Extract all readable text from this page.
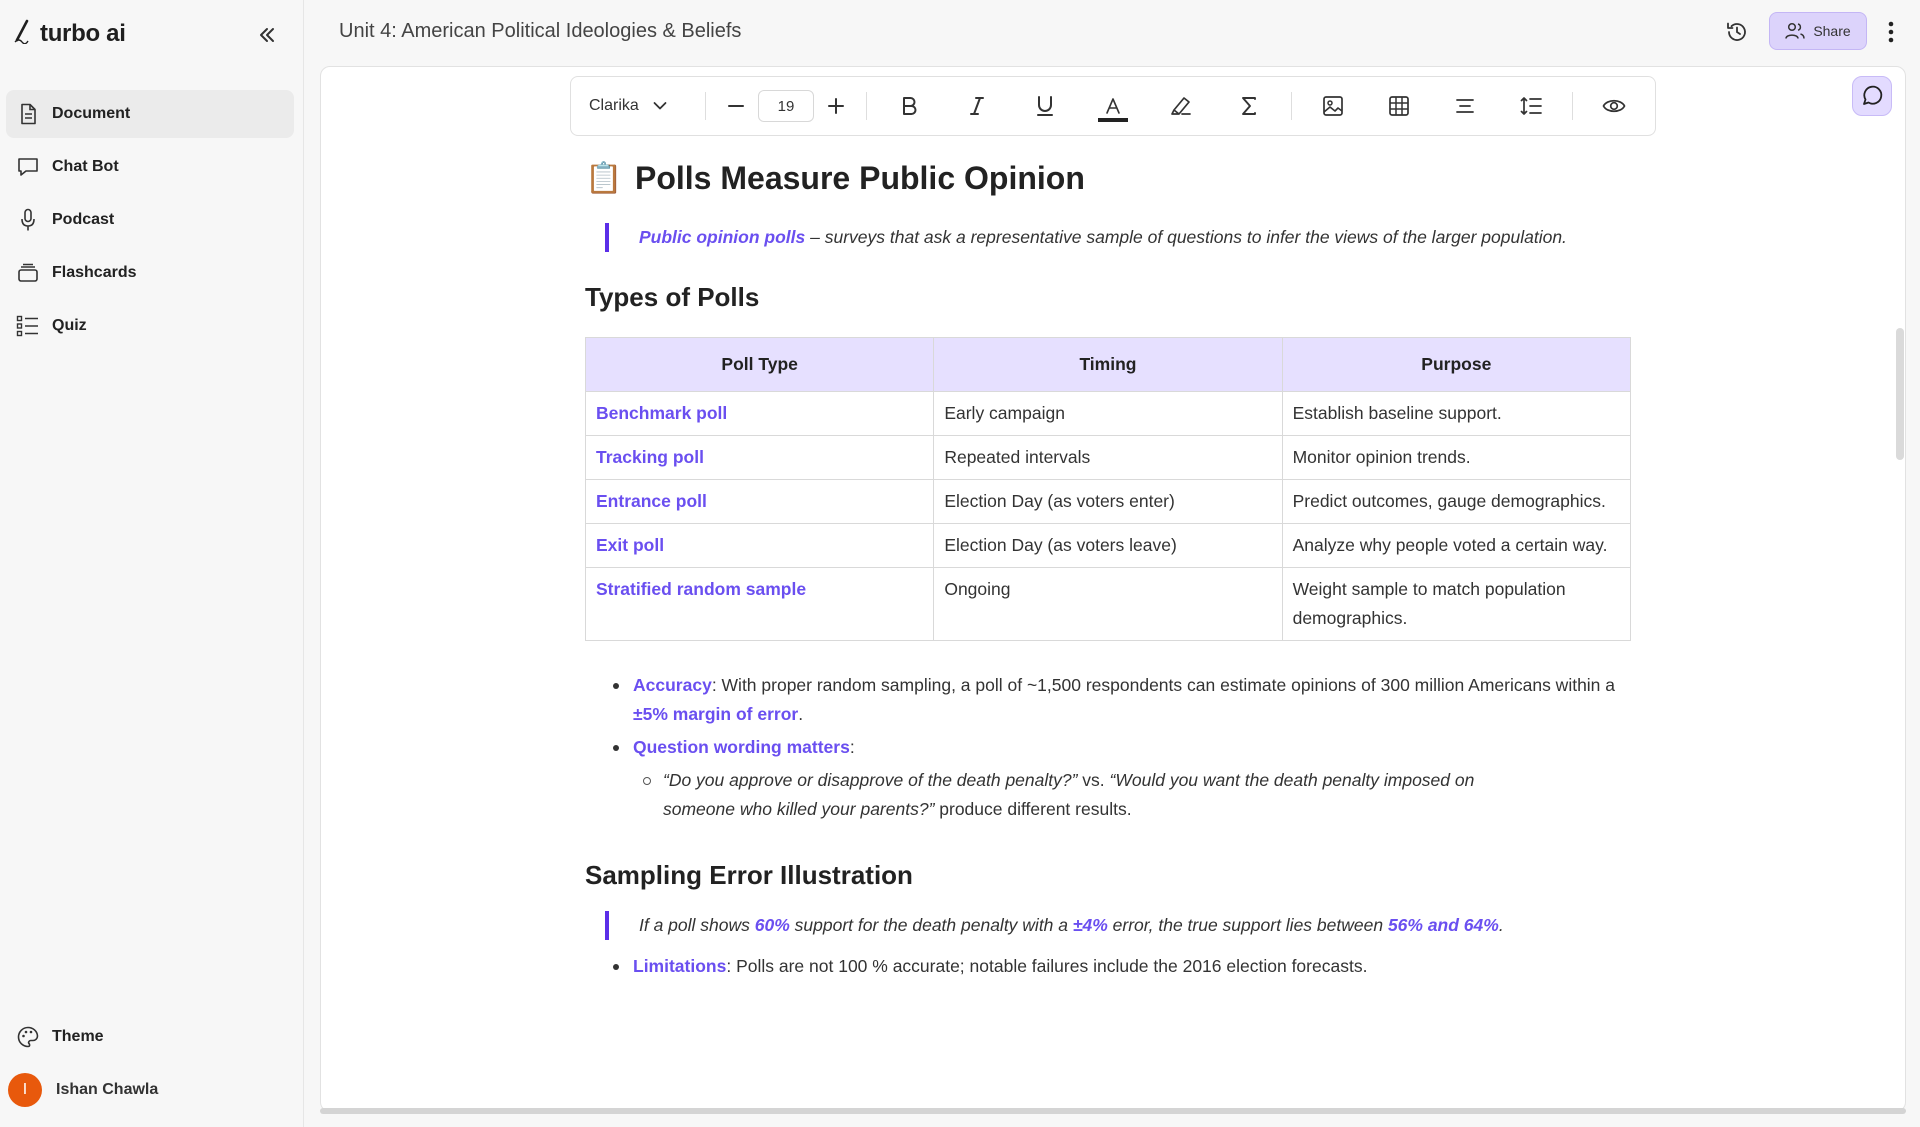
turbo ai
Document
Chat Bot
Podcast
Flashcards
Quiz
Theme
I	Ishan Chawla
Unit 4: American Political Ideologies & Beliefs	Share
Clarika	19
📋 Polls Measure Public Opinion
Public opinion polls – surveys that ask a representative sample of questions to infer the views of the larger population.
Types of Polls
Poll Type	Timing	Purpose
Benchmark poll	Early campaign	Establish baseline support.
Tracking poll	Repeated intervals	Monitor opinion trends.
Entrance poll	Election Day (as voters enter)	Predict outcomes, gauge demographics.
Exit poll	Election Day (as voters leave)	Analyze why people voted a certain way.
Stratified random sample	Ongoing	Weight sample to match population demographics.
Accuracy: With proper random sampling, a poll of ~1,500 respondents can estimate opinions of 300 million Americans within a ±5% margin of error.
Question wording matters:
“Do you approve or disapprove of the death penalty?” vs. “Would you want the death penalty imposed on someone who killed your parents?” produce different results.
Sampling Error Illustration
If a poll shows 60% support for the death penalty with a ±4% error, the true support lies between 56% and 64%.
Limitations: Polls are not 100 % accurate; notable failures include the 2016 election forecasts.
